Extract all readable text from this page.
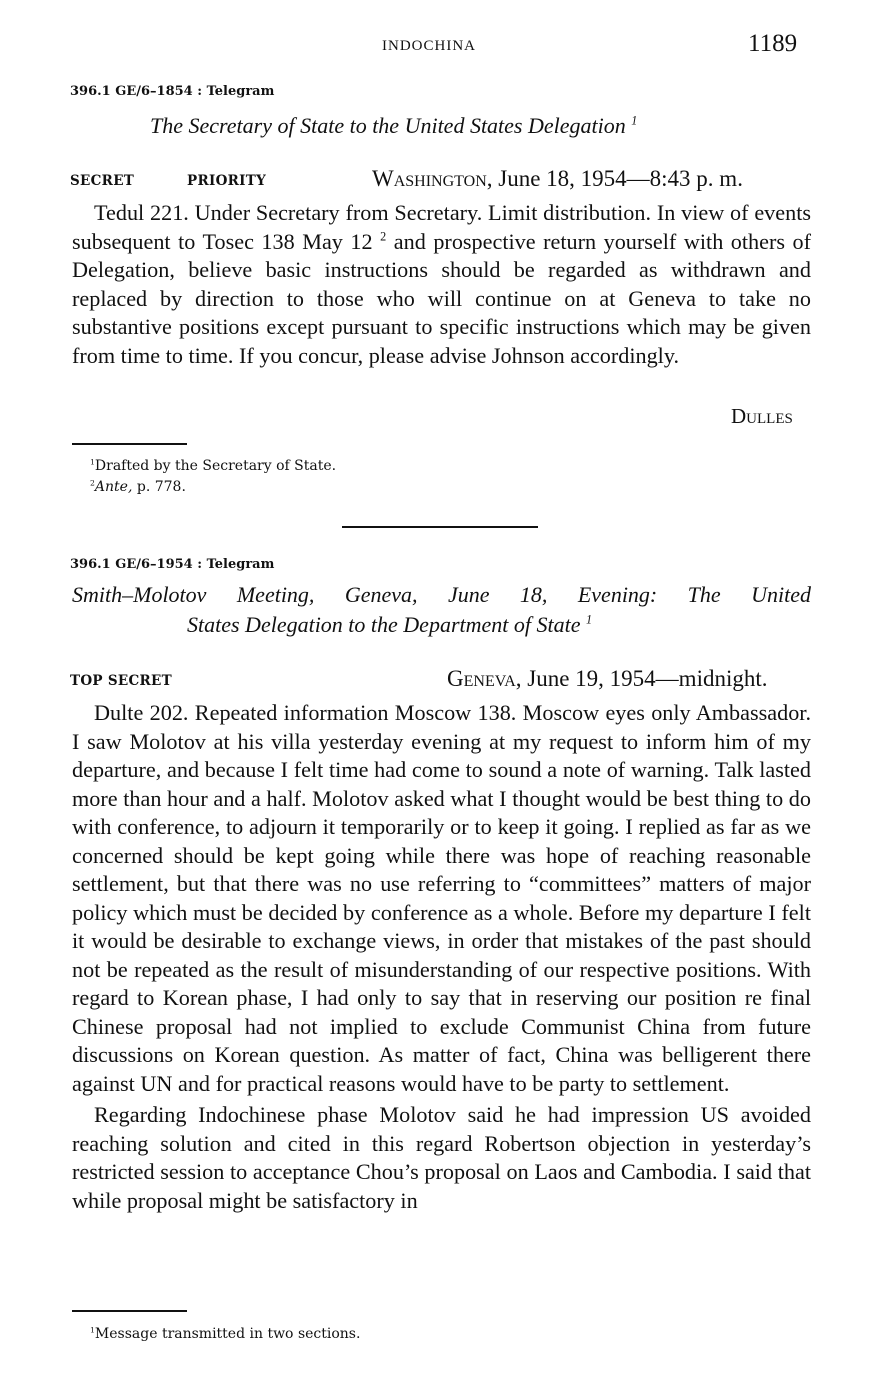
INDOCHINA	1189
396.1 GE/6–1854 : Telegram
The Secretary of State to the United States Delegation $^1$
SECRET	PRIORITY	Washington, June 18, 1954—8:43 p. m.

Tedul 221. Under Secretary from Secretary. Limit distribution. In view of events subsequent to Tosec 138 May 12 $^2$ and prospective return yourself with others of Delegation, believe basic instructions should be regarded as withdrawn and replaced by direction to those who will continue on at Geneva to take no substantive positions except pursuant to specific instructions which may be given from time to time. If you concur, please advise Johnson accordingly.

Dulles
$^1$Drafted by the Secretary of State.
$^2$Ante, p. 778.
396.1 GE/6–1954 : Telegram
Smith–Molotov Meeting, Geneva, June 18, Evening: The United
States Delegation to the Department of State $^1$
TOP SECRET	Geneva, June 19, 1954—midnight.

Dulte 202. Repeated information Moscow 138. Moscow eyes only Ambassador. I saw Molotov at his villa yesterday evening at my request to inform him of my departure, and because I felt time had come to sound a note of warning. Talk lasted more than hour and a half. Molotov asked what I thought would be best thing to do with conference, to adjourn it temporarily or to keep it going. I replied as far as we concerned should be kept going while there was hope of reaching reasonable settlement, but that there was no use referring to “committees” matters of major policy which must be decided by conference as a whole. Before my departure I felt it would be desirable to exchange views, in order that mistakes of the past should not be repeated as the result of misunderstanding of our respective positions. With regard to Korean phase, I had only to say that in reserving our position re final Chinese proposal had not implied to exclude Communist China from future discussions on Korean question. As matter of fact, China was belligerent there against UN and for practical reasons would have to be party to settlement.

Regarding Indochinese phase Molotov said he had impression US avoided reaching solution and cited in this regard Robertson objection in yesterday’s restricted session to acceptance Chou’s proposal on Laos and Cambodia. I said that while proposal might be satisfactory in

$^1$Message transmitted in two sections.
